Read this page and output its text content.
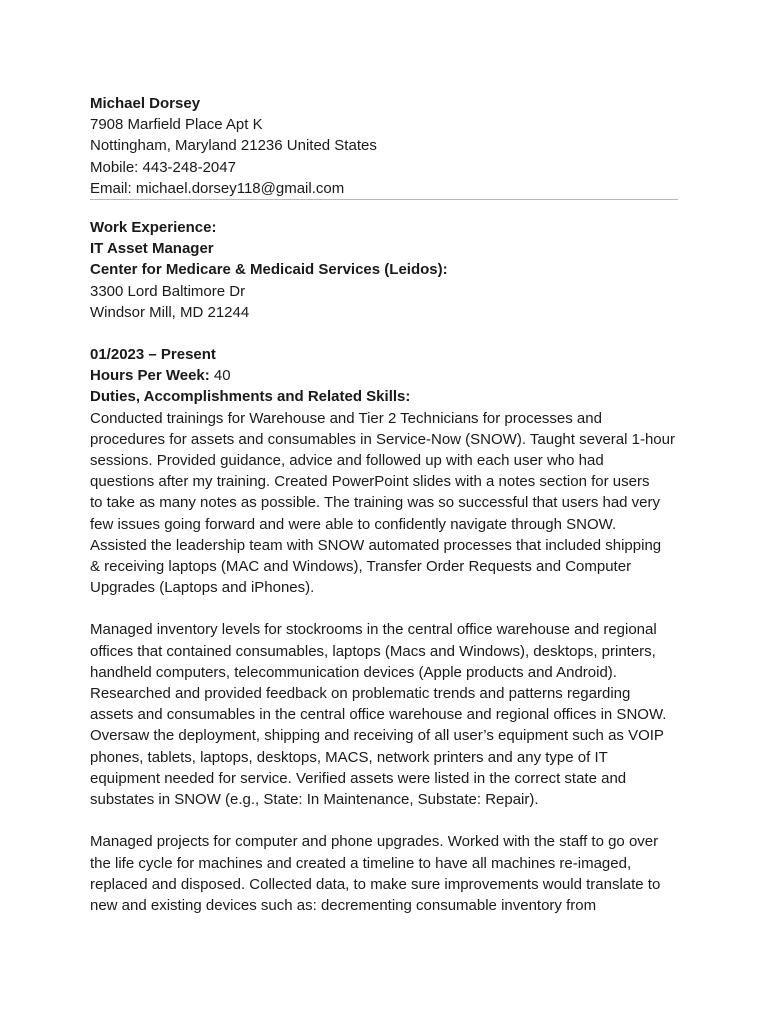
Michael Dorsey
7908 Marfield Place Apt K
Nottingham, Maryland 21236 United States
Mobile: 443-248-2047
Email: michael.dorsey118@gmail.com
Work Experience:
IT Asset Manager
Center for Medicare & Medicaid Services (Leidos):
3300 Lord Baltimore Dr
Windsor Mill, MD 21244
01/2023 – Present
Hours Per Week: 40
Duties, Accomplishments and Related Skills:
Conducted trainings for Warehouse and Tier 2 Technicians for processes and
procedures for assets and consumables in Service-Now (SNOW). Taught several 1-hour
sessions. Provided guidance, advice and followed up with each user who had
questions after my training. Created PowerPoint slides with a notes section for users
to take as many notes as possible. The training was so successful that users had very
few issues going forward and were able to confidently navigate through SNOW.
Assisted the leadership team with SNOW automated processes that included shipping
& receiving laptops (MAC and Windows), Transfer Order Requests and Computer
Upgrades (Laptops and iPhones).
Managed inventory levels for stockrooms in the central office warehouse and regional
offices that contained consumables, laptops (Macs and Windows), desktops, printers,
handheld computers, telecommunication devices (Apple products and Android).
Researched and provided feedback on problematic trends and patterns regarding
assets and consumables in the central office warehouse and regional offices in SNOW.
Oversaw the deployment, shipping and receiving of all user’s equipment such as VOIP
phones, tablets, laptops, desktops, MACS, network printers and any type of IT
equipment needed for service. Verified assets were listed in the correct state and
substates in SNOW (e.g., State: In Maintenance, Substate: Repair).
Managed projects for computer and phone upgrades. Worked with the staff to go over
the life cycle for machines and created a timeline to have all machines re-imaged,
replaced and disposed. Collected data, to make sure improvements would translate to
new and existing devices such as: decrementing consumable inventory from
